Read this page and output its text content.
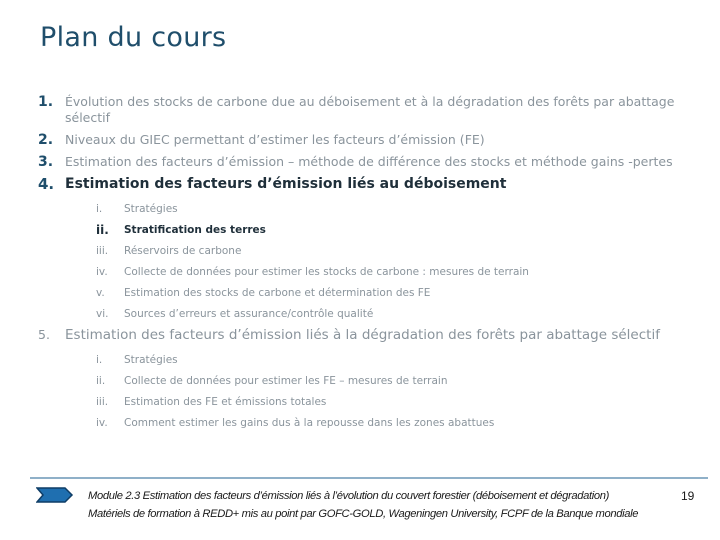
Plan du cours
1. Évolution des stocks de carbone due au déboisement et à la dégradation des forêts par abattage sélectif
2. Niveaux du GIEC permettant d’estimer les facteurs d’émission (FE)
3. Estimation des facteurs d’émission – méthode de différence des stocks et méthode gains -pertes
4. Estimation des facteurs d’émission liés au déboisement
i.	Stratégies
ii.	Stratification des terres
iii.	Réservoirs de carbone
iv.	Collecte de données pour estimer les stocks de carbone : mesures de terrain
v.	Estimation des stocks de carbone et détermination des FE
vi.	Sources d’erreurs et assurance/contrôle qualité
5.	Estimation des facteurs d’émission liés à la dégradation des forêts par abattage sélectif
i.	Stratégies
ii.	Collecte de données pour estimer les FE – mesures de terrain
iii.	Estimation des FE et émissions totales
iv.	Comment estimer les gains dus à la repousse dans les zones abattues
Module 2.3 Estimation des facteurs d’émission liés à l’évolution du couvert forestier (déboisement et dégradation)
Matériels de formation à REDD+ mis au point par GOFC-GOLD, Wageningen University, FCPF de la Banque mondiale
19
